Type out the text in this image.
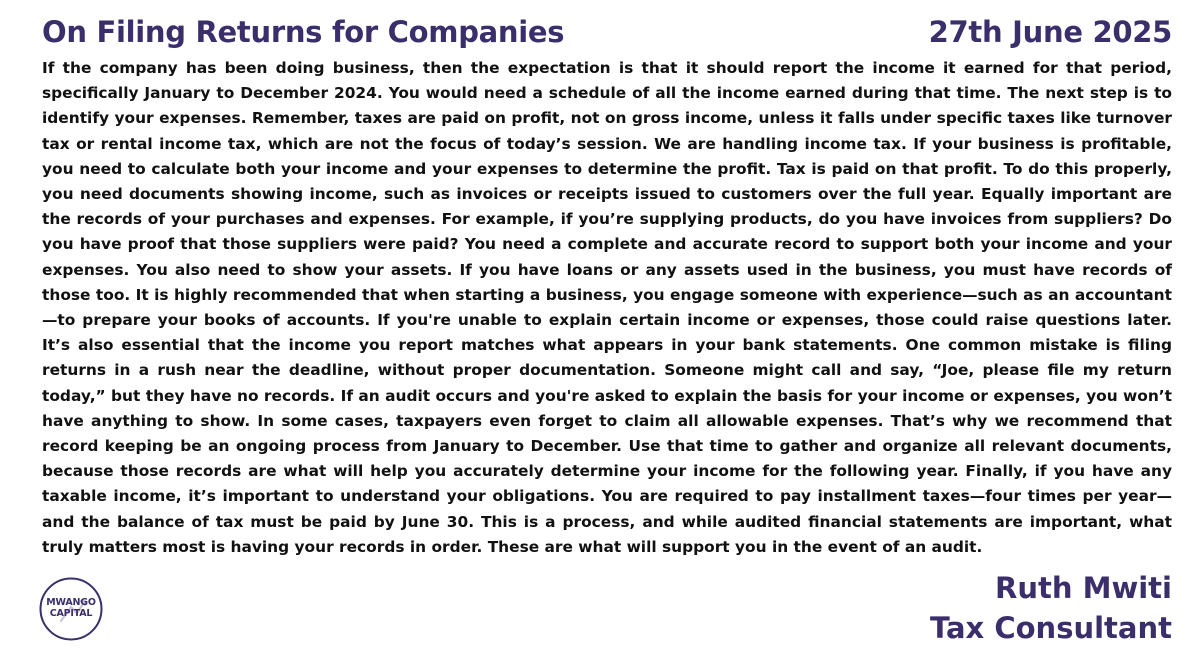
On Filing Returns for Companies	27th June 2025

If the company has been doing business, then the expectation is that it should report the income it earned for that period, specifically January to December 2024. You would need a schedule of all the income earned during that time. The next step is to identify your expenses. Remember, taxes are paid on profit, not on gross income, unless it falls under specific taxes like turnover tax or rental income tax, which are not the focus of today’s session. We are handling income tax. If your business is profitable, you need to calculate both your income and your expenses to determine the profit. Tax is paid on that profit. To do this properly, you need documents showing income, such as invoices or receipts issued to customers over the full year. Equally important are the records of your purchases and expenses. For example, if you’re supplying products, do you have invoices from suppliers? Do you have proof that those suppliers were paid? You need a complete and accurate record to support both your income and your expenses. You also need to show your assets. If you have loans or any assets used in the business, you must have records of those too. It is highly recommended that when starting a business, you engage someone with experience—such as an accountant—to prepare your books of accounts. If you're unable to explain certain income or expenses, those could raise questions later. It’s also essential that the income you report matches what appears in your bank statements. One common mistake is filing returns in a rush near the deadline, without proper documentation. Someone might call and say, “Joe, please file my return today,” but they have no records. If an audit occurs and you're asked to explain the basis for your income or expenses, you won’t have anything to show. In some cases, taxpayers even forget to claim all allowable expenses. That’s why we recommend that record keeping be an ongoing process from January to December. Use that time to gather and organize all relevant documents, because those records are what will help you accurately determine your income for the following year. Finally, if you have any taxable income, it’s important to understand your obligations. You are required to pay installment taxes—four times per year—and the balance of tax must be paid by June 30. This is a process, and while audited financial statements are important, what truly matters most is having your records in order. These are what will support you in the event of an audit.

MWANGO
CAPITAL
Ruth Mwiti
Tax Consultant
